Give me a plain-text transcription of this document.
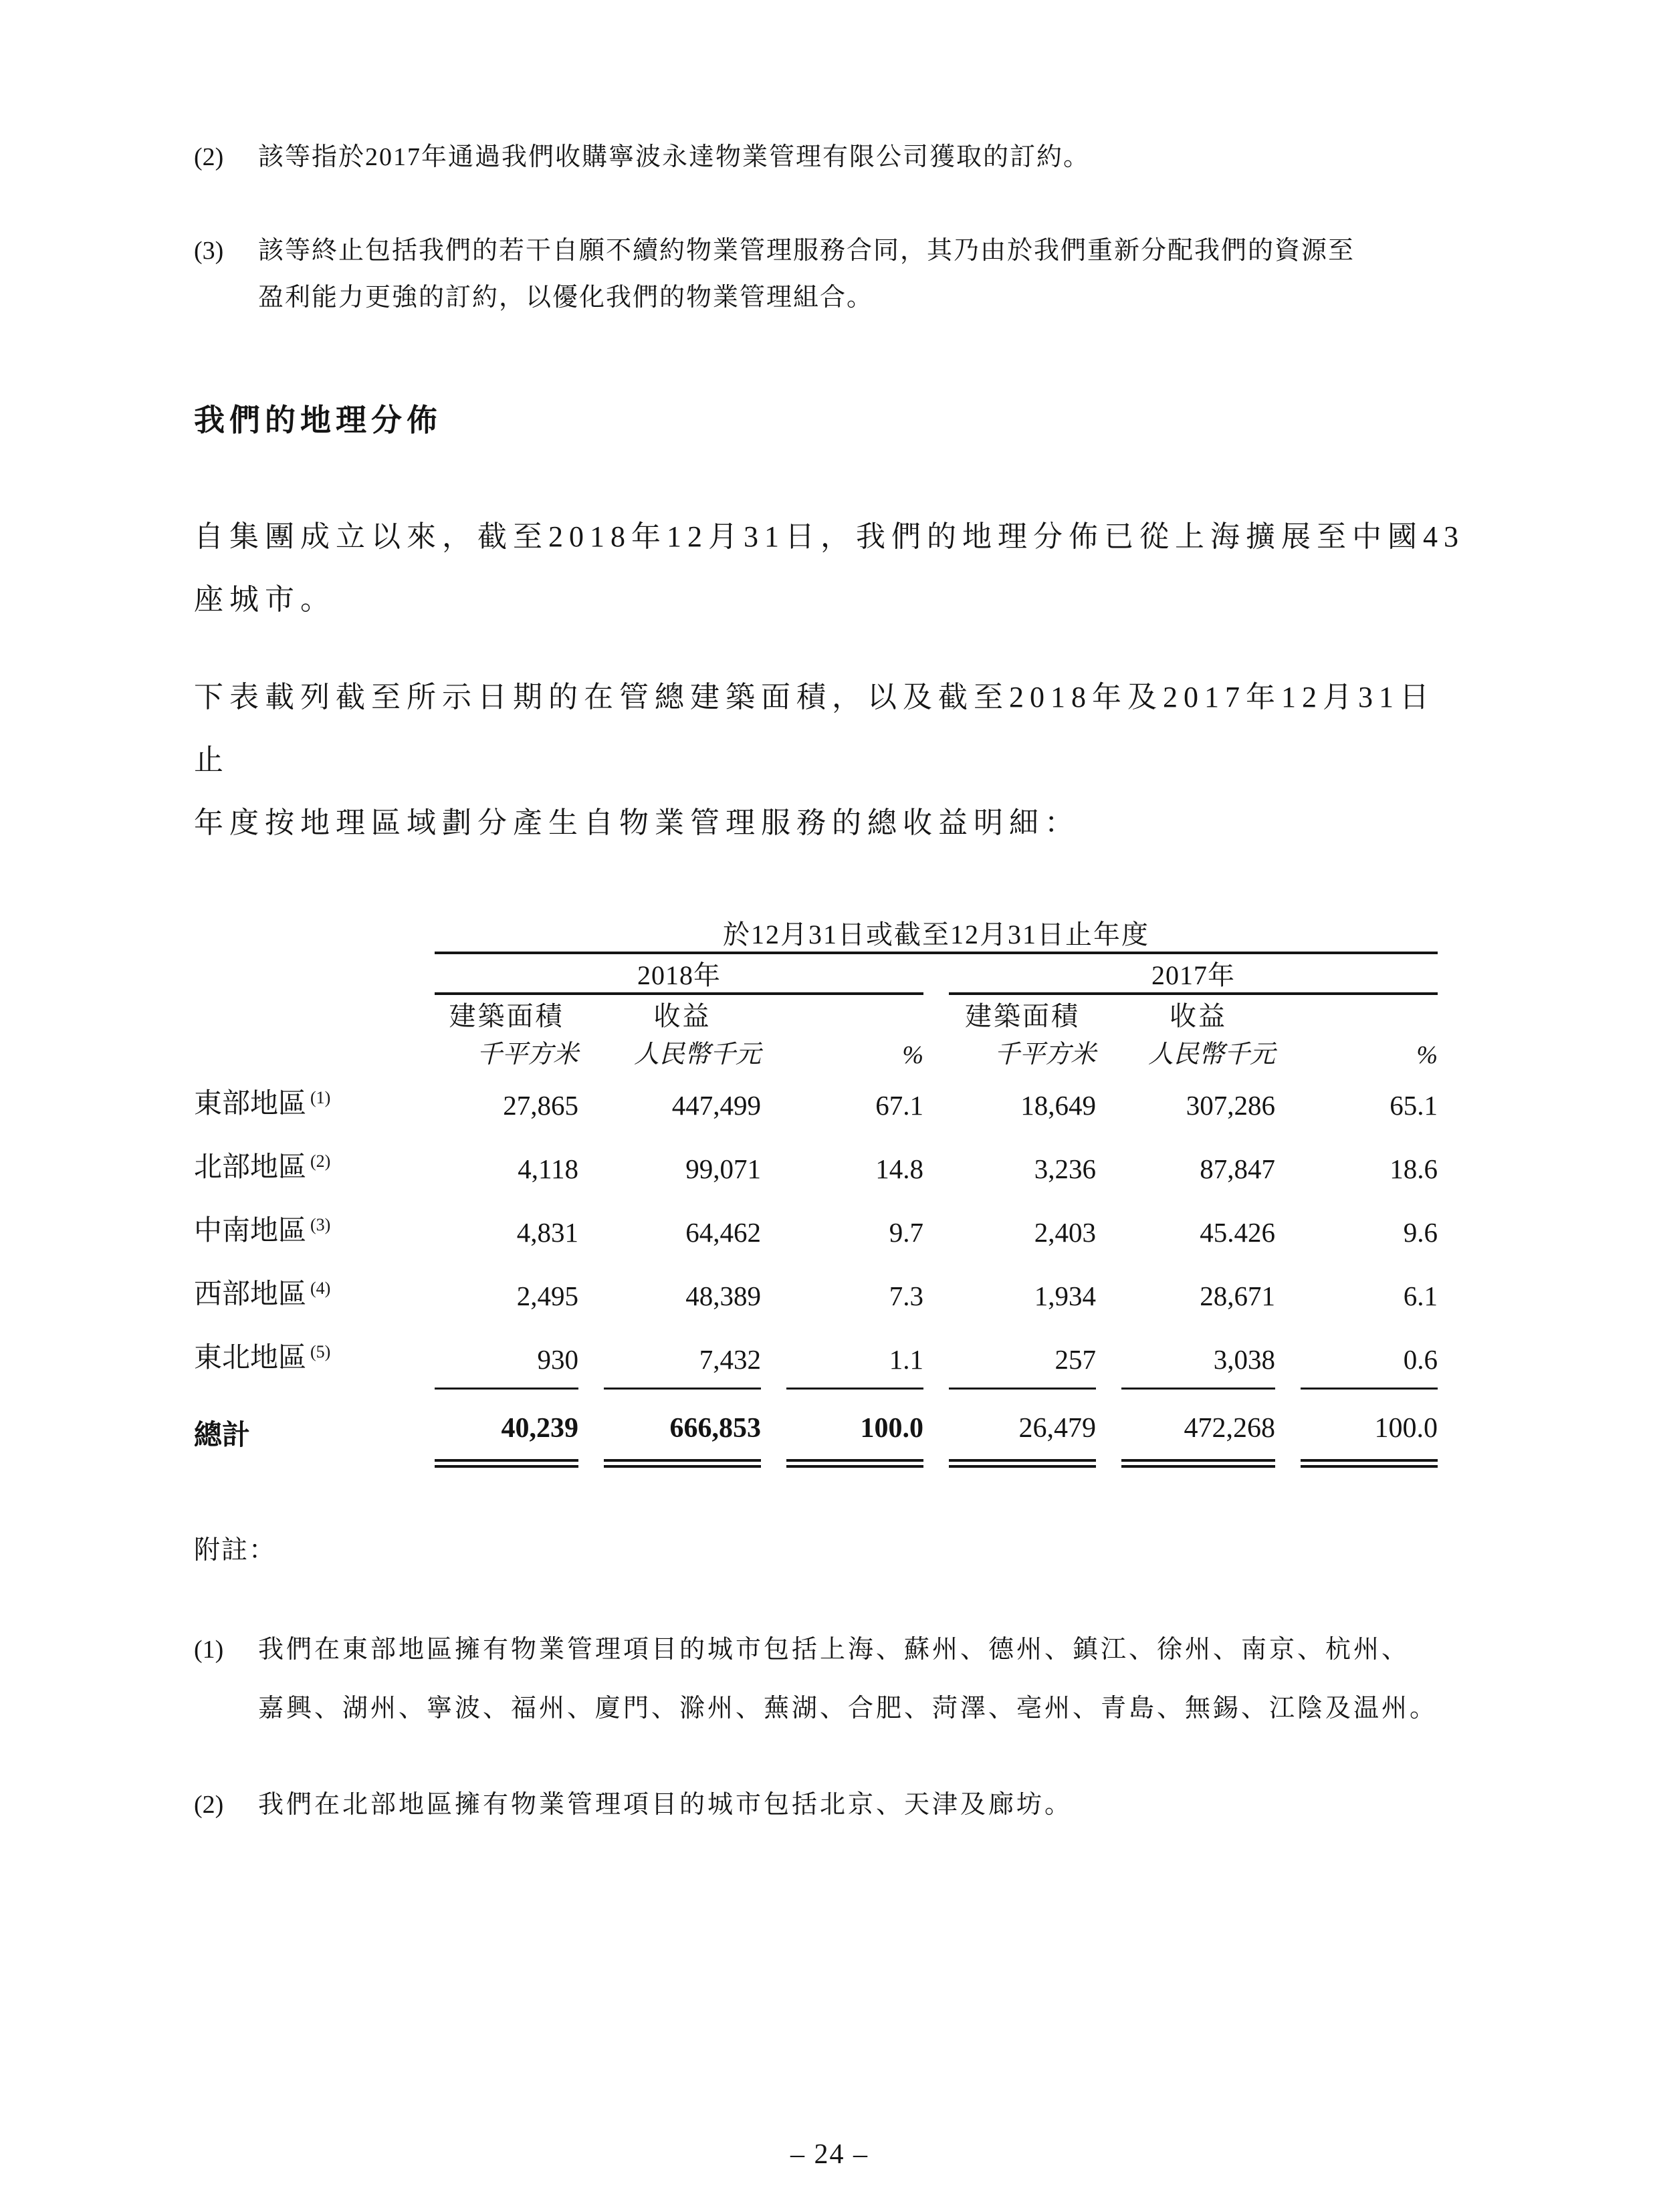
(2)	該等指於2017年通過我們收購寧波永達物業管理有限公司獲取的訂約。
(3)	該等終止包括我們的若干自願不續約物業管理服務合同，其乃由於我們重新分配我們的資源至
盈利能力更強的訂約，以優化我們的物業管理組合。
我們的地理分佈
自集團成立以來，截至2018年12月31日，我們的地理分佈已從上海擴展至中國43
座城市。
下表載列截至所示日期的在管總建築面積，以及截至2018年及2017年12月31日止
年度按地理區域劃分產生自物業管理服務的總收益明細：
	於12月31日或截至12月31日止年度					
	2018年			2017年		
	建築面積	收益		建築面積	收益	
	千平方米	人民幣千元	%	千平方米	人民幣千元	%
東部地區 $^{(1)}$	27,865	447,499	67.1	18,649	307,286	65.1
北部地區 $^{(2)}$	4,118	99,071	14.8	3,236	87,847	18.6
中南地區 $^{(3)}$	4,831	64,462	9.7	2,403	45.426	9.6
西部地區 $^{(4)}$	2,495	48,389	7.3	1,934	28,671	6.1
東北地區 $^{(5)}$	930	7,432	1.1	257	3,038	0.6
總計	40,239	666,853	100.0	26,479	472,268	100.0
附註：
(1)	我們在東部地區擁有物業管理項目的城市包括上海、蘇州、德州、鎮江、徐州、南京、杭州、
嘉興、湖州、寧波、福州、廈門、滁州、蕪湖、合肥、菏澤、亳州、青島、無錫、江陰及温州。
(2)	我們在北部地區擁有物業管理項目的城市包括北京、天津及廊坊。
– 24 –
